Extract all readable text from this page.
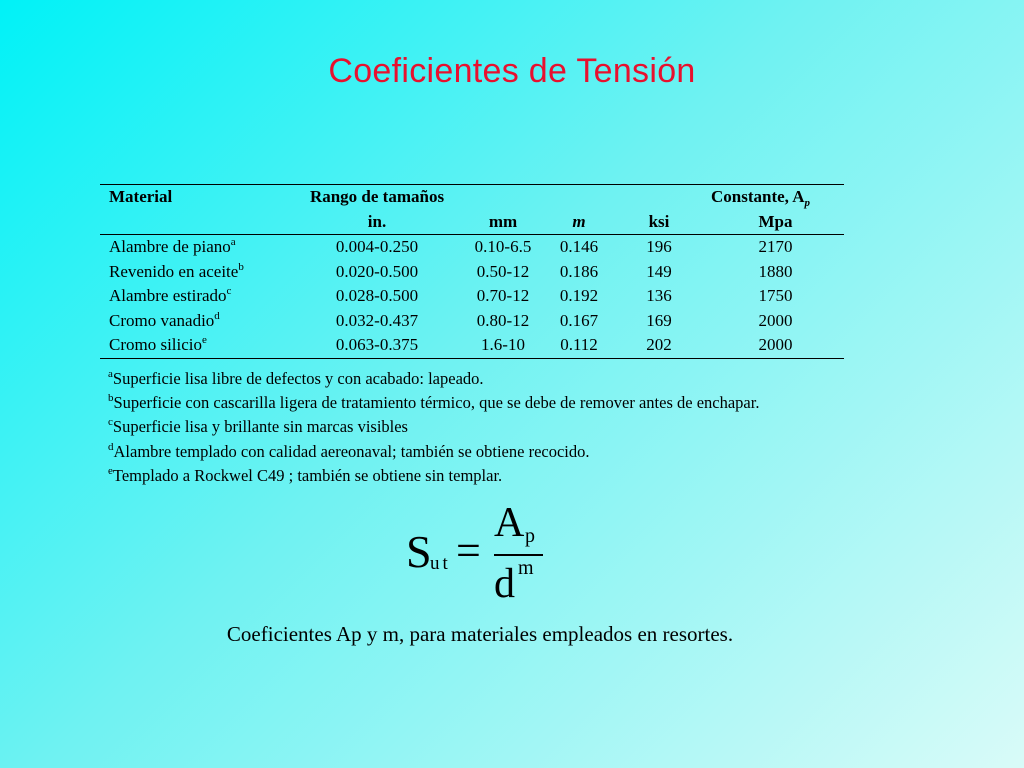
Coeficientes de Tensión
Material	Rango de tamaños			Constante, $A_p$
	in.	mm	m	ksi	Mpa
Alambre de piano$^a$	0.004-0.250	0.10-6.5	0.146	196	2170
Revenido en aceite$^b$	0.020-0.500	0.50-12	0.186	149	1880
Alambre estirado$^c$	0.028-0.500	0.70-12	0.192	136	1750
Cromo vanadio$^d$	0.032-0.437	0.80-12	0.167	169	2000
Cromo silicio$^e$	0.063-0.375	1.6-10	0.112	202	2000
$^a$Superficie lisa libre de defectos y con acabado: lapeado.
$^b$Superficie con cascarilla ligera de tratamiento térmico, que se debe de remover antes de enchapar.
$^c$Superficie lisa y brillante sin marcas visibles
$^d$Alambre templado con calidad aereonaval; también se obtiene recocido.
$^e$Templado a Rockwel C49 ; también se obtiene sin templar.
S
ut =
A p
d m
Coeficientes Ap y m, para materiales empleados en resortes.
